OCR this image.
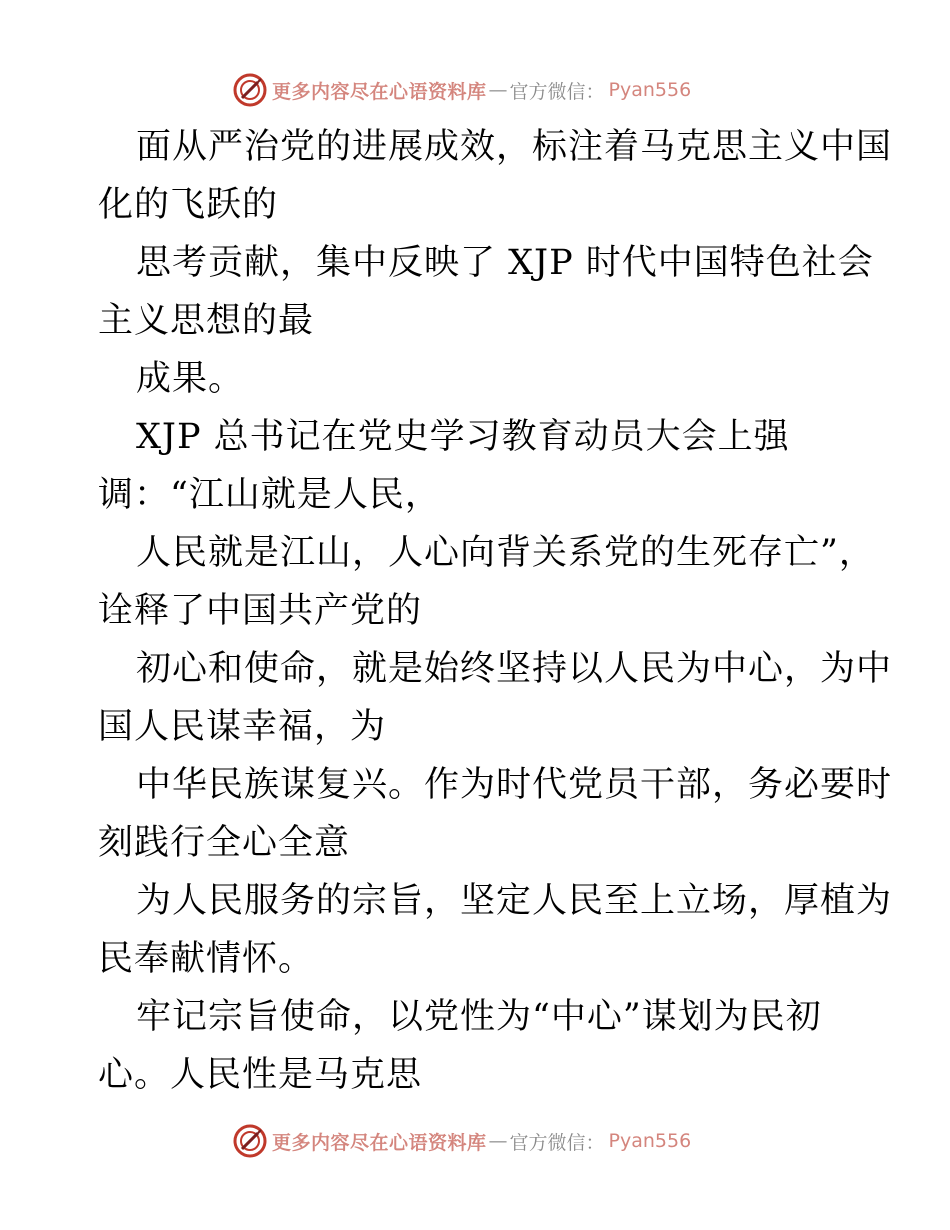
更多内容尽在心语资料库 — 官方微信： Pyan556
面从严治党的进展成效，标注着马克思主义中国
化的飞跃的
思考贡献，集中反映了 XJP 时代中国特色社会
主义思想的最
成果。
XJP 总书记在党史学习教育动员大会上强
调：“江山就是人民，
人民就是江山，人心向背关系党的生死存亡”，
诠释了中国共产党的
初心和使命，就是始终坚持以人民为中心，为中
国人民谋幸福，为
中华民族谋复兴。作为时代党员干部，务必要时
刻践行全心全意
为人民服务的宗旨，坚定人民至上立场，厚植为
民奉献情怀。
牢记宗旨使命，以党性为“中心”谋划为民初
心。人民性是马克思
更多内容尽在心语资料库 — 官方微信： Pyan556
